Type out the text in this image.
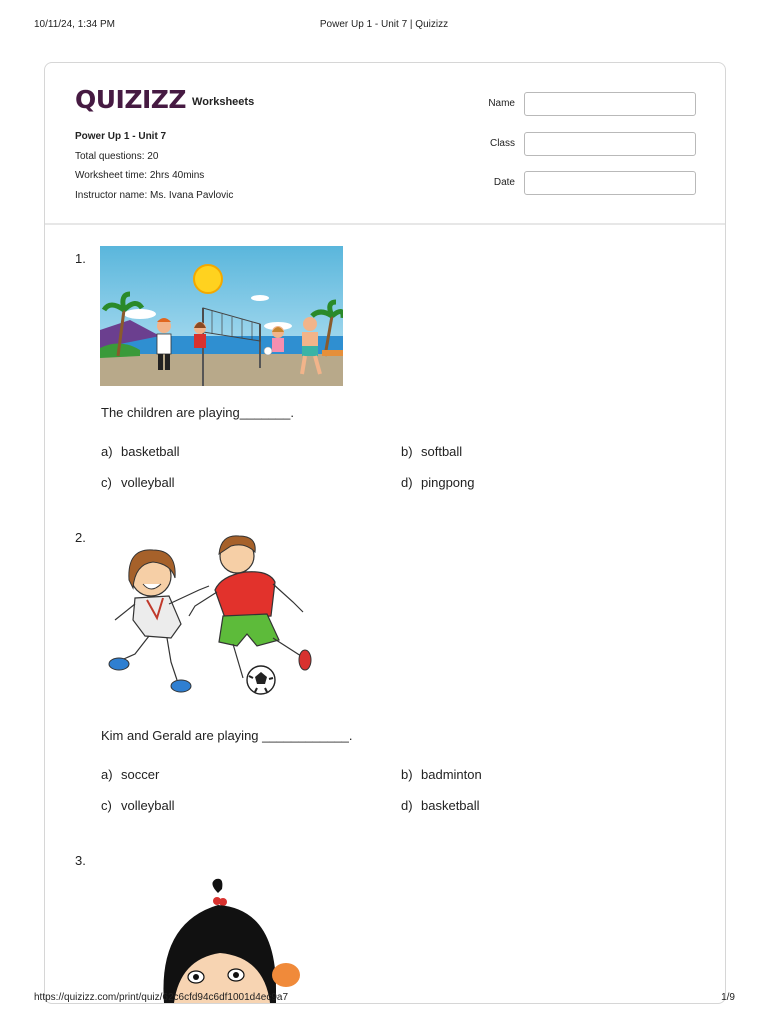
10/11/24, 1:34 PM	Power Up 1 - Unit 7 | Quizizz
QUIZIZZ Worksheets
Power Up 1 - Unit 7
Total questions: 20
Worksheet time: 2hrs 40mins
Instructor name: Ms. Ivana Pavlovic
Name
Class
Date
1.
The children are playing_______.
a) basketball	b) softball
c) volleyball	d) pingpong
2.
Kim and Gerald are playing ____________.
a) soccer	b) badminton
c) volleyball	d) basketball
3.
https://quizizz.com/print/quiz/62c6cfd94c6df1001d4ec9a7	1/9
